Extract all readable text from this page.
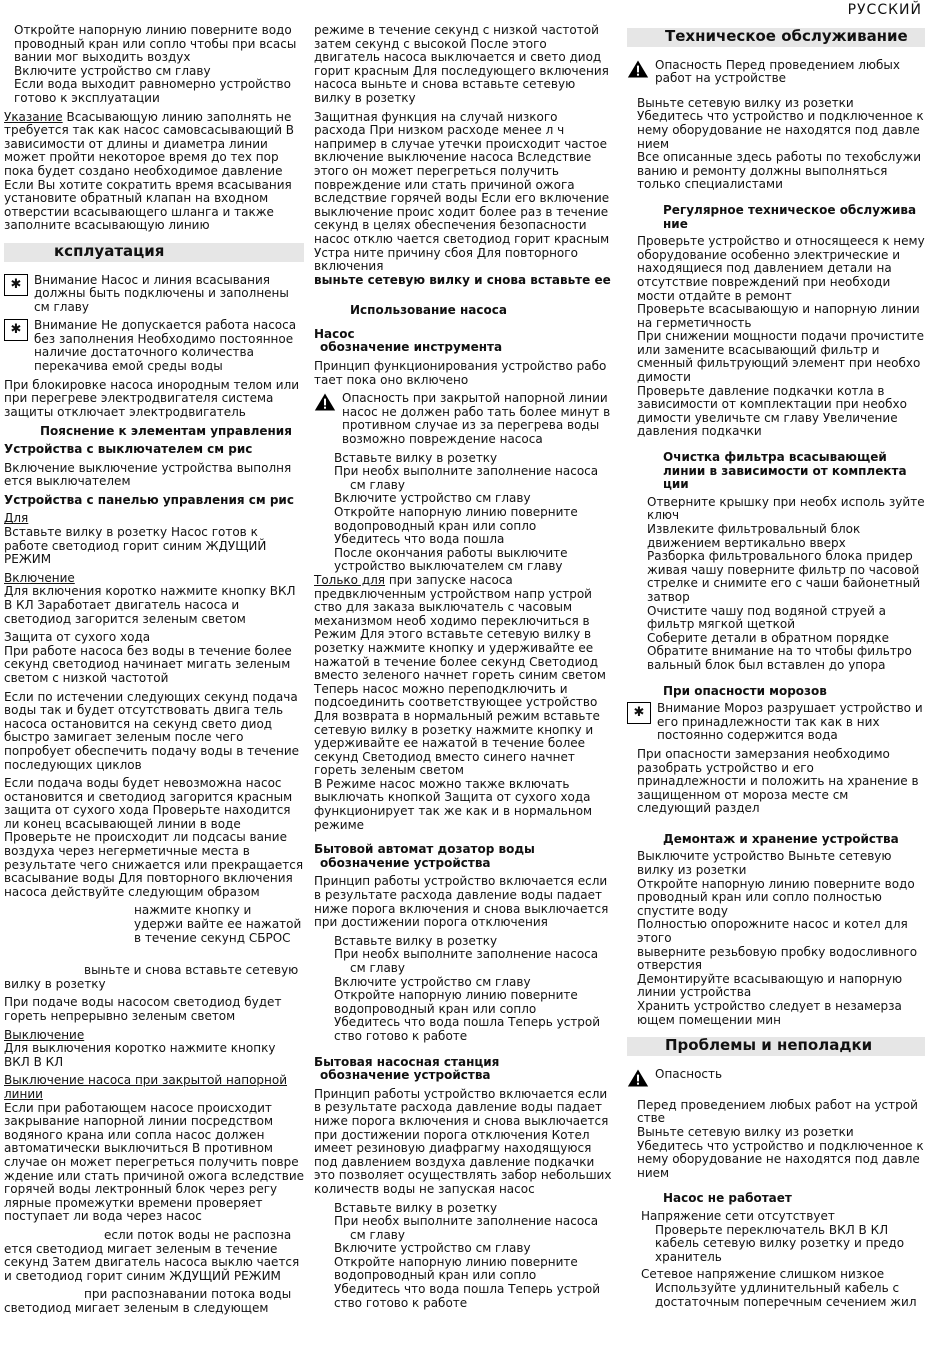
РУССКИЙ

Откройте напорную линию поверните водо проводный кран или сопло чтобы при всасы вании мог выходить воздух

Включите устройство см главу

Если вода выходит равномерно устройство готово к эксплуатации

Указание Всасывающую линию заполнять не требуется так как насос самовсасывающий В зависимости от длины и диаметра линии может пройти некоторое время до тех пор пока будет создано необходимое давление Если Вы хотите сократить время всасывания установите обратный клапан на входном отверстии всасывающего шланга и также заполните всасывающую линию

ксплуатация
✱	Внимание Насос и линия всасывания должны быть подключены и заполнены см главу
✱	Внимание Не допускается работа насоса без заполнения Необходимо постоянное наличие достаточного количества перекачива емой среды воды

При блокировке насоса инородным телом или при перегреве электродвигателя система защиты отключает электродвигатель

Пояснение к элементам управления

Устройства с выключателем см рис

Включение выключение устройства выполня ется выключателем

Устройства с панелью управления см рис

Для

Вставьте вилку в розетку Насос готов к работе светодиод горит синим ЖДУЩИЙ РЕЖИМ

Включение

Для включения коротко нажмите кнопку ВКЛ В КЛ Заработает двигатель насоса и светодиод загорится зеленым светом

Защита от сухого хода

При работе насоса без воды в течение более секунд светодиод начинает мигать зеленым светом с низкой частотой

Если по истечении следующих секунд подача воды так и будет отсутствовать двига тель насоса остановится на секунд свето диод быстро замигает зеленым после чего попробует обеспечить подачу воды в течение последующих циклов

Если подача воды будет невозможна насос остановится и светодиод загорится красным защита от сухого хода Проверьте находится ли конец всасывающей линии в воде Проверьте не происходит ли подсасы вание воздуха через негерметичные места в результате чего снижается или прекращается всасывание воды Для повторного включения насоса действуйте следующим образом

нажмите кнопку и удержи вайте ее нажатой в течение секунд СБРОС

выньте и снова вставьте сетевую вилку в розетку

При подаче воды насосом светодиод будет гореть непрерывно зеленым светом

Выключение

Для выключения коротко нажмите кнопку ВКЛ В КЛ

Выключение насоса при закрытой напорной линии

Если при работающем насосе происходит закрывание напорной линии посредством водяного крана или сопла насос должен автоматически выключиться В противном случае он может перегреться получить повре ждение или стать причиной ожога вследствие горячей воды лектронный блок через регу лярные промежутки времени проверяет поступает ли вода через насос

если поток воды не распозна ется светодиод мигает зеленым в течение секунд Затем двигатель насоса выклю чается и светодиод горит синим ЖДУЩИЙ РЕЖИМ

при распознавании потока воды светодиод мигает зеленым в следующем

режиме в течение секунд с низкой частотой затем секунд с высокой После этого двигатель насоса выключается и свето диод горит красным Для последующего включения насоса выньте и снова вставьте сетевую вилку в розетку

Защитная функция на случай низкого расхода При низком расходе менее л ч например в случае утечки происходит частое включение выключение насоса Вследствие этого он может перегреться получить повреждение или стать причиной ожога вследствие горячей воды Если его включение выключение проис ходит более раз в течение секунд в целях обеспечения безопасности насос отклю чается светодиод горит красным Устра ните причину сбоя Для повторного включения

выньте сетевую вилку и снова вставьте ее

Использование насоса

Насос

обозначение инструмента

Принцип функционирования устройство рабо тает пока оно включено

Опасность при закрытой напорной линии насос не должен рабо тать более минут в противном случае из за перегрева воды возможно повреждение насоса
Вставьте вилку в розетку
При необх выполните заполнение насоса
см главу
Включите устройство см главу
Откройте напорную линию поверните водопроводный кран или сопло
Убедитесь что вода пошла
После окончания работы выключите устройство выключателем см главу

Только для при запуске насоса предвключенным устройством напр устрой ство для заказа выключатель с часовым механизмом необ ходимо переключиться в Режим Для этого вставьте сетевую вилку в розетку нажмите кнопку и удерживайте ее нажатой в течение более секунд Светодиод вместо зеленого начнет гореть синим светом Теперь насос можно переподключить и подсоединить соответствующее устройство

Для возврата в нормальный режим вставьте сетевую вилку в розетку нажмите кнопку и удерживайте ее нажатой в течение более секунд Светодиод вместо синего начнет гореть зеленым светом

В Режиме насос можно также включать выключать кнопкой Защита от сухого хода функционирует так же как и в нормальном режиме

Бытовой автомат дозатор воды

обозначение устройства

Принцип работы устройство включается если в результате расхода давление воды падает ниже порога включения и снова выключается при достижении порога отключения

Вставьте вилку в розетку
При необх выполните заполнение насоса
см главу
Включите устройство см главу
Откройте напорную линию поверните водопроводный кран или сопло
Убедитесь что вода пошла Теперь устрой ство готово к работе

Бытовая насосная станция

обозначение устройства

Принцип работы устройство включается если в результате расхода давление воды падает ниже порога включения и снова выключается при достижении порога отключения Котел имеет резиновую диафрагму находящуюся под давлением воздуха давление подкачки это позволяет осуществлять забор небольших количеств воды не запуская насос

Вставьте вилку в розетку
При необх выполните заполнение насоса
см главу
Включите устройство см главу
Откройте напорную линию поверните водопроводный кран или сопло
Убедитесь что вода пошла Теперь устрой ство готово к работе
Техническое обслуживание
Опасность Перед проведением любых работ на устройстве
Выньте сетевую вилку из розетки
Убедитесь что устройство и подключенное к нему оборудование не находятся под давле нием
Все описанные здесь работы по техобслужи ванию и ремонту должны выполняться только специалистами
Регулярное техническое обслужива ние
Проверьте устройство и относящееся к нему оборудование особенно электрические и находящиеся под давлением детали на отсутствие повреждений при необходи мости отдайте в ремонт
Проверьте всасывающую и напорную линии на герметичность
При снижении мощности подачи прочистите или замените всасывающий фильтр и сменный фильтрующий элемент при необхо димости
Проверьте давление подкачки котла в зависимости от комплектации при необхо димости увеличьте см главу Увеличение давления подкачки
Очистка фильтра всасывающей линии в зависимости от комплекта ции
Отверните крышку при необх исполь зуйте ключ
Извлеките фильтровальный блок движением вертикально вверх
Разборка фильтровального блока придер живая чашу поверните фильтр по часовой стрелке и снимите его с чаши байонетный затвор
Очистите чашу под водяной струей а фильтр мягкой щеткой
Соберите детали в обратном порядке
Обратите внимание на то чтобы фильтро вальный блок был вставлен до упора
При опасности морозов
✱	Внимание Мороз разрушает устройство и его принадлежности так как в них постоянно содержится вода

При опасности замерзания необходимо разобрать устройство и его принадлежности и положить на хранение в защищенном от мороза месте см следующий раздел

Демонтаж и хранение устройства
Выключите устройство Выньте сетевую вилку из розетки
Откройте напорную линию поверните водо проводный кран или сопло полностью спустите воду
Полностью опорожните насос и котел для этого
выверните резьбовую пробку водосливного отверстия
Демонтируйте всасывающую и напорную линии устройства
Хранить устройство следует в незамерза ющем помещении мин
Проблемы и неполадки
Опасность
Перед проведением любых работ на устрой стве
Выньте сетевую вилку из розетки
Убедитесь что устройство и подключенное к нему оборудование не находятся под давле нием
Насос не работает
Напряжение сети отсутствует
Проверьте переключатель ВКЛ В КЛ кабель сетевую вилку розетку и предо хранитель
Сетевое напряжение слишком низкое
Используйте удлинительный кабель с достаточным поперечным сечением жил
